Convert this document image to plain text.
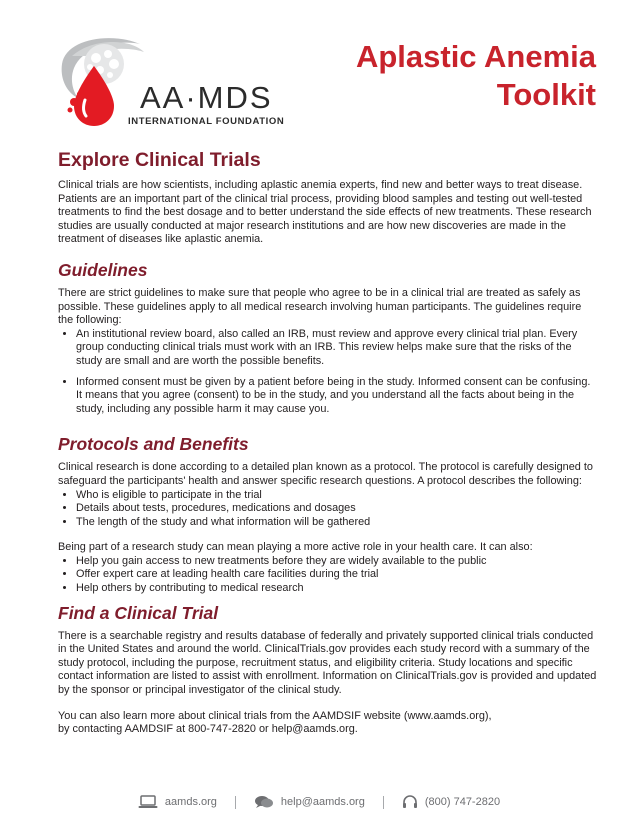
AA·MDS
INTERNATIONAL FOUNDATION
Aplastic Anemia
Toolkit
Explore Clinical Trials

Clinical trials are how scientists, including aplastic anemia experts, find new and better ways to treat disease. Patients are an important part of the clinical trial process, providing blood samples and testing out well-tested treatments to find the best dosage and to better understand the side effects of new treatments. These research studies are usually conducted at major research institutions and are how new discoveries are made in the treatment of diseases like aplastic anemia.

Guidelines

There are strict guidelines to make sure that people who agree to be in a clinical trial are treated as safely as possible. These guidelines apply to all medical research involving human participants. The guidelines require the following:

• An institutional review board, also called an IRB, must review and approve every clinical trial plan. Every group conducting clinical trials must work with an IRB. This review helps make sure that the risks of the study are small and are worth the possible benefits.
• Informed consent must be given by a patient before being in the study. Informed consent can be confusing. It means that you agree (consent) to be in the study, and you understand all the facts about being in the study, including any possible harm it may cause you.
Protocols and Benefits

Clinical research is done according to a detailed plan known as a protocol. The protocol is carefully designed to safeguard the participants' health and answer specific research questions. A protocol describes the following:

• Who is eligible to participate in the trial
• Details about tests, procedures, medications and dosages
• The length of the study and what information will be gathered

Being part of a research study can mean playing a more active role in your health care. It can also:

• Help you gain access to new treatments before they are widely available to the public
• Offer expert care at leading health care facilities during the trial
• Help others by contributing to medical research
Find a Clinical Trial

There is a searchable registry and results database of federally and privately supported clinical trials conducted in the United States and around the world. ClinicalTrials.gov provides each study record with a summary of the study protocol, including the purpose, recruitment status, and eligibility criteria. Study locations and specific contact information are listed to assist with enrollment. Information on ClinicalTrials.gov is provided and updated by the sponsor or principal investigator of the clinical study.

You can also learn more about clinical trials from the AAMDSIF website (www.aamds.org),

by contacting AAMDSIF at 800-747-2820 or help@aamds.org.

aamds.org	help@aamds.org	(800) 747-2820
